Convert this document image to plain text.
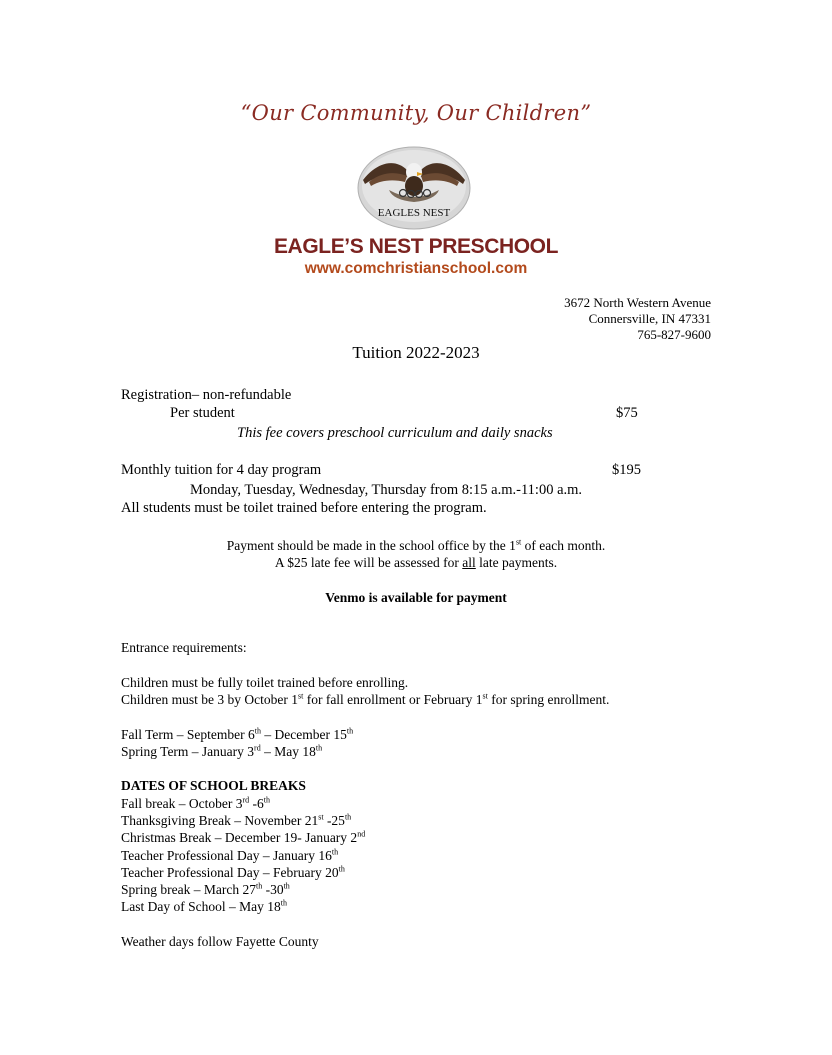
“Our Community, Our Children”
EAGLES NEST
EAGLE’S NEST PRESCHOOL
www.comchristianschool.com
3672 North Western Avenue
Connersville, IN 47331
765-827-9600
Tuition 2022-2023
Registration– non-refundable
Per student	$75
This fee covers preschool curriculum and daily snacks
Monthly tuition for 4 day program	$195
Monday, Tuesday, Wednesday, Thursday from 8:15 a.m.-11:00 a.m.
All students must be toilet trained before entering the program.
Payment should be made in the school office by the 1st of each month.
A $25 late fee will be assessed for all late payments.
Venmo is available for payment
Entrance requirements:
Children must be fully toilet trained before enrolling.
Children must be 3 by October 1st for fall enrollment or February 1st for spring enrollment.
Fall Term – September 6th – December 15th
Spring Term – January 3rd – May 18th
DATES OF SCHOOL BREAKS
Fall break – October 3rd -6th
Thanksgiving Break – November 21st -25th
Christmas Break – December 19- January 2nd
Teacher Professional Day – January 16th
Teacher Professional Day – February 20th
Spring break – March 27th -30th
Last Day of School – May 18th
Weather days follow Fayette County
